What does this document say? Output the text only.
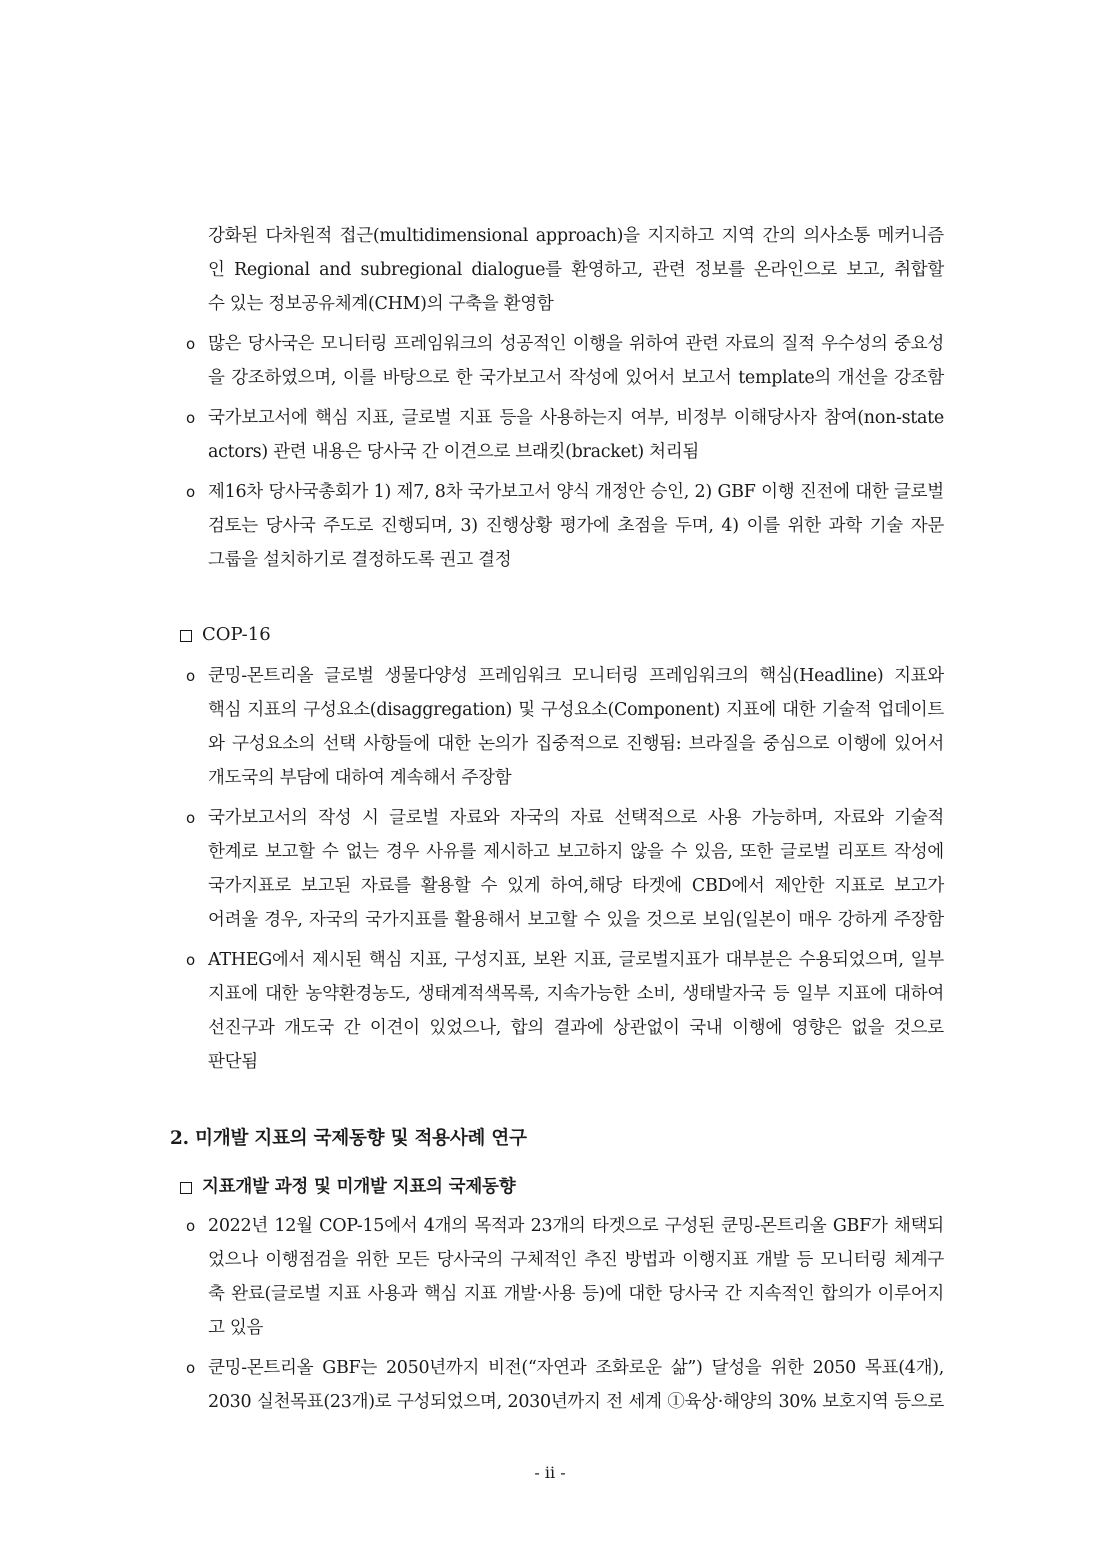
강화된 다차원적 접근(multidimensional approach)을 지지하고 지역 간의 의사소통 메커니즘
인 Regional and subregional dialogue를 환영하고, 관련 정보를 온라인으로 보고, 취합할
수 있는 정보공유체계(CHM)의 구축을 환영함
o 많은 당사국은 모니터링 프레임워크의 성공적인 이행을 위하여 관련 자료의 질적 우수성의 중요성
을 강조하였으며, 이를 바탕으로 한 국가보고서 작성에 있어서 보고서 template의 개선을 강조함
o 국가보고서에 핵심 지표, 글로벌 지표 등을 사용하는지 여부, 비정부 이해당사자 참여(non-state
actors) 관련 내용은 당사국 간 이견으로 브래킷(bracket) 처리됨
o 제16차 당사국총회가 1) 제7, 8차 국가보고서 양식 개정안 승인, 2) GBF 이행 진전에 대한 글로벌
검토는 당사국 주도로 진행되며, 3) 진행상황 평가에 초점을 두며, 4) 이를 위한 과학 기술 자문
그룹을 설치하기로 결정하도록 권고 결정
COP-16
o 쿤밍-몬트리올 글로벌 생물다양성 프레임워크 모니터링 프레임워크의 핵심(Headline) 지표와
핵심 지표의 구성요소(disaggregation) 및 구성요소(Component) 지표에 대한 기술적 업데이트
와 구성요소의 선택 사항들에 대한 논의가 집중적으로 진행됨: 브라질을 중심으로 이행에 있어서
개도국의 부담에 대하여 계속해서 주장함
o 국가보고서의 작성 시 글로벌 자료와 자국의 자료 선택적으로 사용 가능하며, 자료와 기술적
한계로 보고할 수 없는 경우 사유를 제시하고 보고하지 않을 수 있음, 또한 글로벌 리포트 작성에
국가지표로 보고된 자료를 활용할 수 있게 하여,해당 타겟에 CBD에서 제안한 지표로 보고가
어려울 경우, 자국의 국가지표를 활용해서 보고할 수 있을 것으로 보임(일본이 매우 강하게 주장함
o ATHEG에서 제시된 핵심 지표, 구성지표, 보완 지표, 글로벌지표가 대부분은 수용되었으며, 일부
지표에 대한 농약환경농도, 생태계적색목록, 지속가능한 소비, 생태발자국 등 일부 지표에 대하여
선진구과 개도국 간 이견이 있었으나, 합의 결과에 상관없이 국내 이행에 영향은 없을 것으로
판단됨
2. 미개발 지표의 국제동향 및 적용사례 연구
지표개발 과정 및 미개발 지표의 국제동향
o 2022년 12월 COP-15에서 4개의 목적과 23개의 타겟으로 구성된 쿤밍-몬트리올 GBF가 채택되
었으나 이행점검을 위한 모든 당사국의 구체적인 추진 방법과 이행지표 개발 등 모니터링 체계구
축 완료(글로벌 지표 사용과 핵심 지표 개발·사용 등)에 대한 당사국 간 지속적인 합의가 이루어지
고 있음
o 쿤밍-몬트리올 GBF는 2050년까지 비전(“자연과 조화로운 삶”) 달성을 위한 2050 목표(4개),
2030 실천목표(23개)로 구성되었으며, 2030년까지 전 세계 ①육상·해양의 30% 보호지역 등으로
- ii -
